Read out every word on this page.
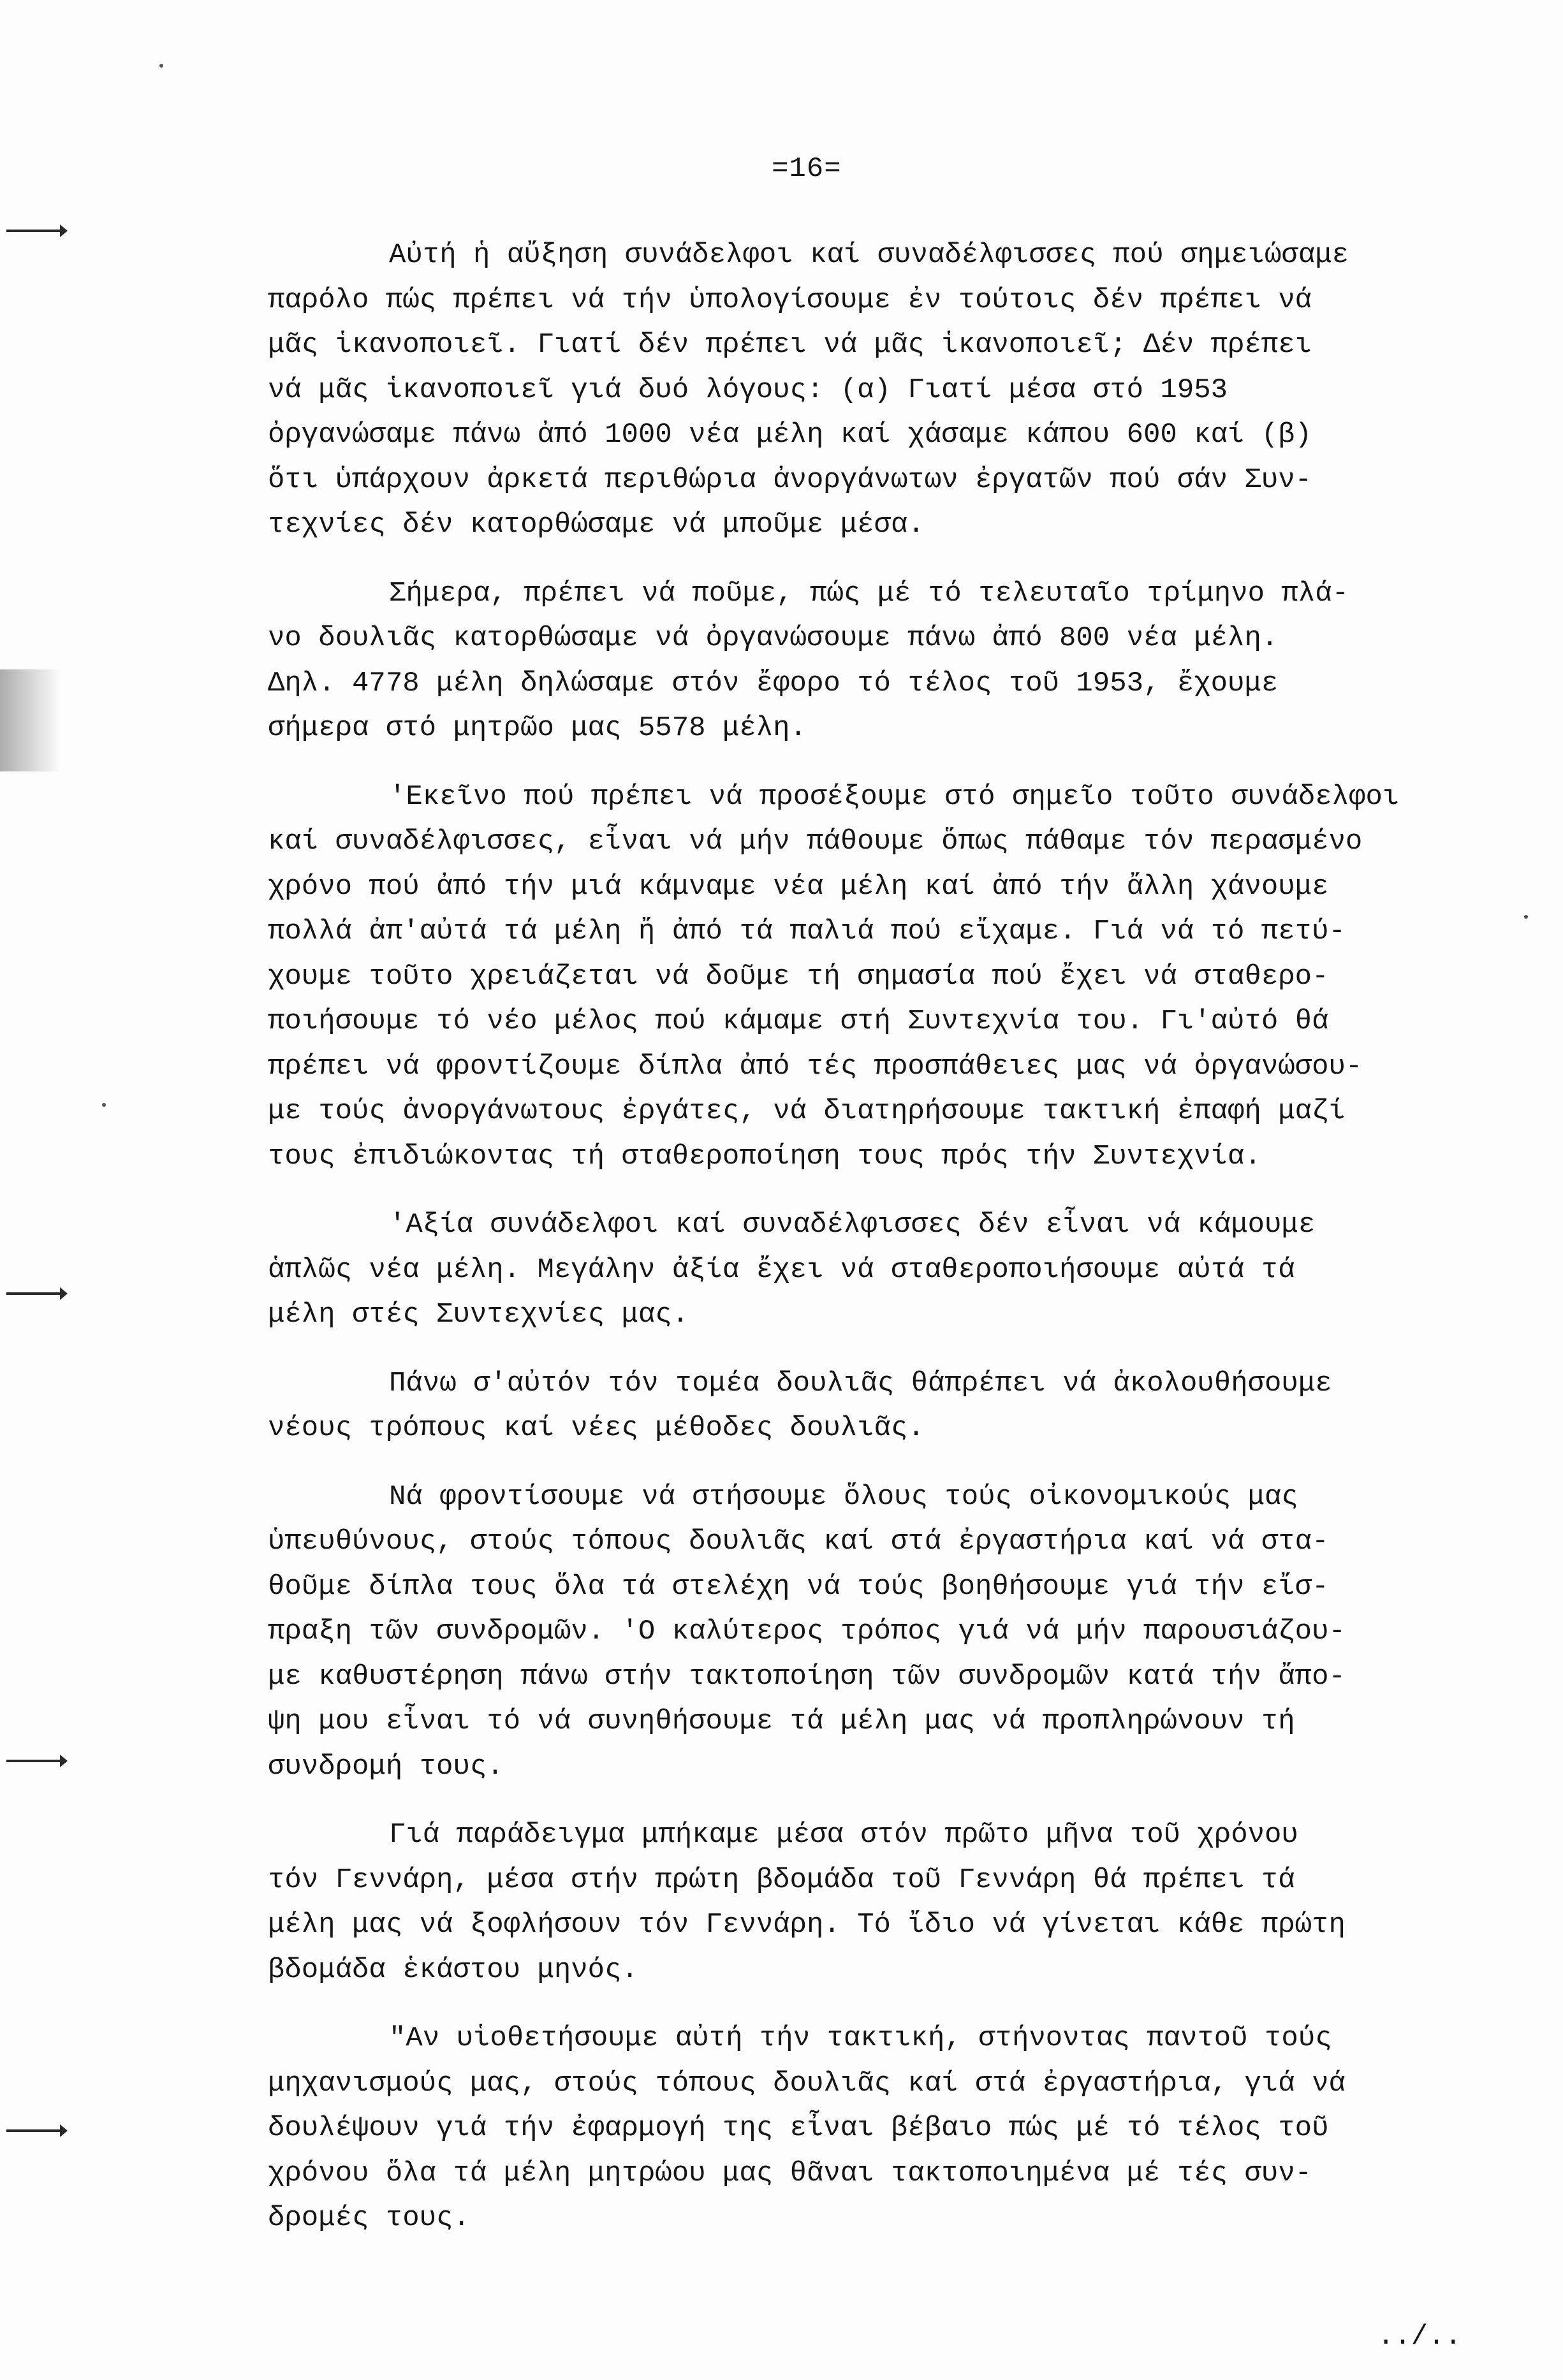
=16=
Αὐτή ἡ αὔξηση συνάδελφοι καί συναδέλφισσες πού σημειώσαμε
παρόλο πώς πρέπει νά τήν ὑπολογίσουμε ἐν τούτοις δέν πρέπει νά
μᾶς ἱκανοποιεῖ. Γιατί δέν πρέπει νά μᾶς ἱκανοποιεῖ; Δέν πρέπει
νά μᾶς ἱκανοποιεῖ γιά δυό λόγους: (α) Γιατί μέσα στό 1953
ὀργανώσαμε πάνω ἀπό 1000 νέα μέλη καί χάσαμε κάπου 600 καί (β)
ὅτι ὑπάρχουν ἀρκετά περιθώρια ἀνοργάνωτων ἐργατῶν πού σάν Συν-
τεχνίες δέν κατορθώσαμε νά μποῦμε μέσα.
Σήμερα, πρέπει νά ποῦμε, πώς μέ τό τελευταῖο τρίμηνο πλά-
νο δουλιᾶς κατορθώσαμε νά ὀργανώσουμε πάνω ἀπό 800 νέα μέλη.
Δηλ. 4778 μέλη δηλώσαμε στόν ἔφορο τό τέλος τοῦ 1953, ἔχουμε
σήμερα στό μητρῶο μας 5578 μέλη.
'Εκεῖνο πού πρέπει νά προσέξουμε στό σημεῖο τοῦτο συνάδελφοι
καί συναδέλφισσες, εἶναι νά μήν πάθουμε ὅπως πάθαμε τόν περασμένο
χρόνο πού ἀπό τήν μιά κάμναμε νέα μέλη καί ἀπό τήν ἄλλη χάνουμε
πολλά ἀπ'αὐτά τά μέλη ἤ ἀπό τά παλιά πού εἴχαμε. Γιά νά τό πετύ-
χουμε τοῦτο χρειάζεται νά δοῦμε τή σημασία πού ἔχει νά σταθερο-
ποιήσουμε τό νέο μέλος πού κάμαμε στή Συντεχνία του. Γι'αὐτό θά
πρέπει νά φροντίζουμε δίπλα ἀπό τές προσπάθειες μας νά ὀργανώσου-
με τούς ἀνοργάνωτους ἐργάτες, νά διατηρήσουμε τακτική ἐπαφή μαζί
τους ἐπιδιώκοντας τή σταθεροποίηση τους πρός τήν Συντεχνία.
'Αξία συνάδελφοι καί συναδέλφισσες δέν εἶναι νά κάμουμε
ἁπλῶς νέα μέλη. Μεγάλην ἀξία ἔχει νά σταθεροποιήσουμε αὐτά τά
μέλη στές Συντεχνίες μας.
Πάνω σ'αὐτόν τόν τομέα δουλιᾶς θάπρέπει νά ἀκολουθήσουμε
νέους τρόπους καί νέες μέθοδες δουλιᾶς.
Νά φροντίσουμε νά στήσουμε ὅλους τούς οἰκονομικούς μας
ὑπευθύνους, στούς τόπους δουλιᾶς καί στά ἐργαστήρια καί νά στα-
θοῦμε δίπλα τους ὅλα τά στελέχη νά τούς βοηθήσουμε γιά τήν εἴσ-
πραξη τῶν συνδρομῶν. 'Ο καλύτερος τρόπος γιά νά μήν παρουσιάζου-
με καθυστέρηση πάνω στήν τακτοποίηση τῶν συνδρομῶν κατά τήν ἄπο-
ψη μου εἶναι τό νά συνηθήσουμε τά μέλη μας νά προπληρώνουν τή
συνδρομή τους.
Γιά παράδειγμα μπήκαμε μέσα στόν πρῶτο μῆνα τοῦ χρόνου
τόν Γεννάρη, μέσα στήν πρώτη βδομάδα τοῦ Γεννάρη θά πρέπει τά
μέλη μας νά ξοφλήσουν τόν Γεννάρη. Τό ἴδιο νά γίνεται κάθε πρώτη
βδομάδα ἑκάστου μηνός.
"Αν υἱοθετήσουμε αὐτή τήν τακτική, στήνοντας παντοῦ τούς
μηχανισμούς μας, στούς τόπους δουλιᾶς καί στά ἐργαστήρια, γιά νά
δουλέψουν γιά τήν ἐφαρμογή της εἶναι βέβαιο πώς μέ τό τέλος τοῦ
χρόνου ὅλα τά μέλη μητρώου μας θᾶναι τακτοποιημένα μέ τές συν-
δρομές τους.
../..
